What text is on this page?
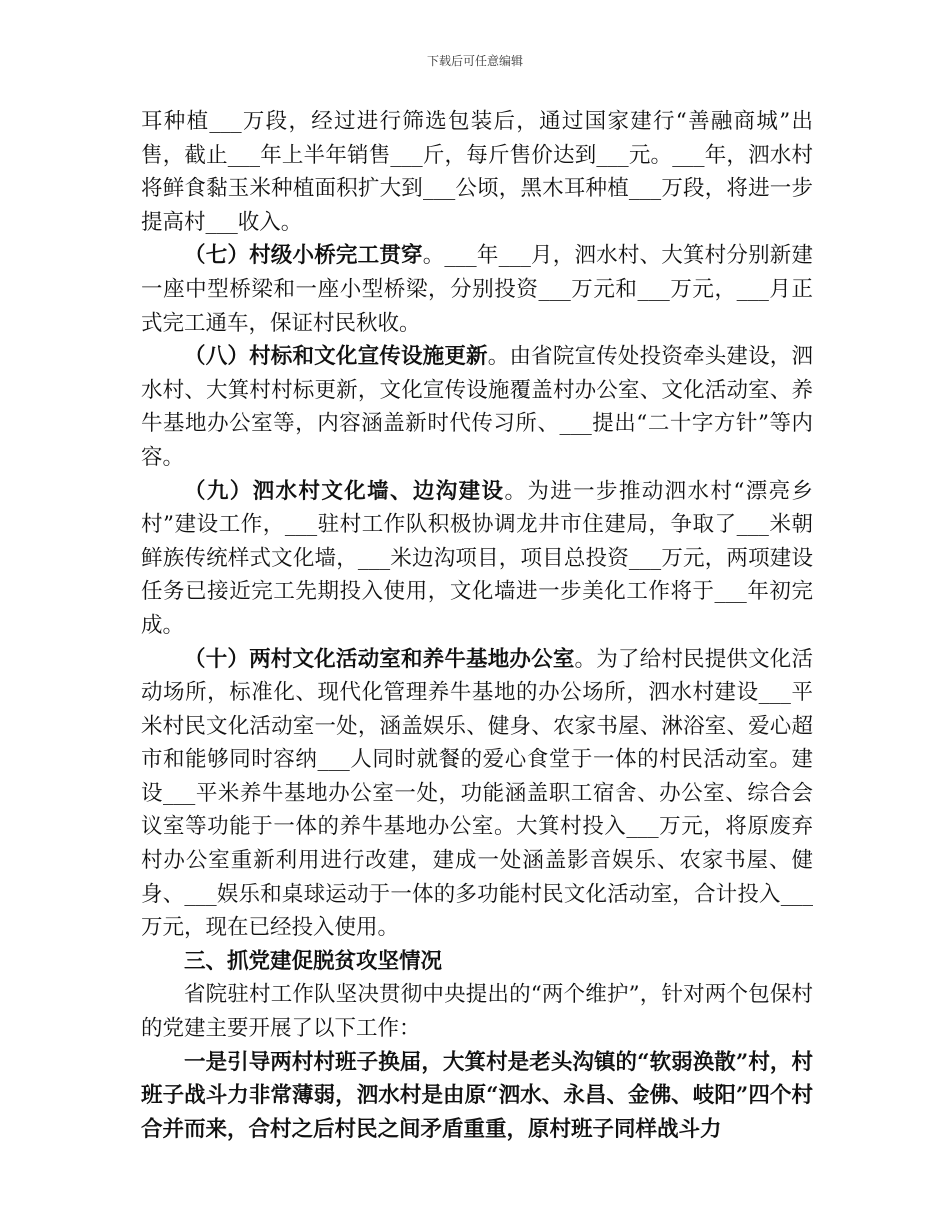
下载后可任意编辑

耳种植___万段，经过进行筛选包装后，通过国家建行“善融商城”出售，截止___年上半年销售___斤，每斤售价达到___元。___年，泗水村将鲜食黏玉米种植面积扩大到___公顷，黑木耳种植___万段，将进一步提高村___收入。

（七）村级小桥完工贯穿。___年___月，泗水村、大箕村分别新建一座中型桥梁和一座小型桥梁，分别投资___万元和___万元，___月正式完工通车，保证村民秋收。

（八）村标和文化宣传设施更新。由省院宣传处投资牵头建设，泗水村、大箕村村标更新，文化宣传设施覆盖村办公室、文化活动室、养牛基地办公室等，内容涵盖新时代传习所、___提出“二十字方针”等内容。

（九）泗水村文化墙、边沟建设。为进一步推动泗水村“漂亮乡村”建设工作，___驻村工作队积极协调龙井市住建局，争取了___米朝鲜族传统样式文化墙，___米边沟项目，项目总投资___万元，两项建设任务已接近完工先期投入使用，文化墙进一步美化工作将于___年初完成。

（十）两村文化活动室和养牛基地办公室。为了给村民提供文化活动场所，标准化、现代化管理养牛基地的办公场所，泗水村建设___平米村民文化活动室一处，涵盖娱乐、健身、农家书屋、淋浴室、爱心超市和能够同时容纳___人同时就餐的爱心食堂于一体的村民活动室。建设___平米养牛基地办公室一处，功能涵盖职工宿舍、办公室、综合会议室等功能于一体的养牛基地办公室。大箕村投入___万元，将原废弃村办公室重新利用进行改建，建成一处涵盖影音娱乐、农家书屋、健身、___娱乐和桌球运动于一体的多功能村民文化活动室，合计投入___万元，现在已经投入使用。

三、抓党建促脱贫攻坚情况

省院驻村工作队坚决贯彻中央提出的“两个维护”，针对两个包保村的党建主要开展了以下工作：

一是引导两村村班子换届，大箕村是老头沟镇的“软弱涣散”村，村班子战斗力非常薄弱，泗水村是由原“泗水、永昌、金佛、岐阳”四个村合并而来，合村之后村民之间矛盾重重，原村班子同样战斗力
